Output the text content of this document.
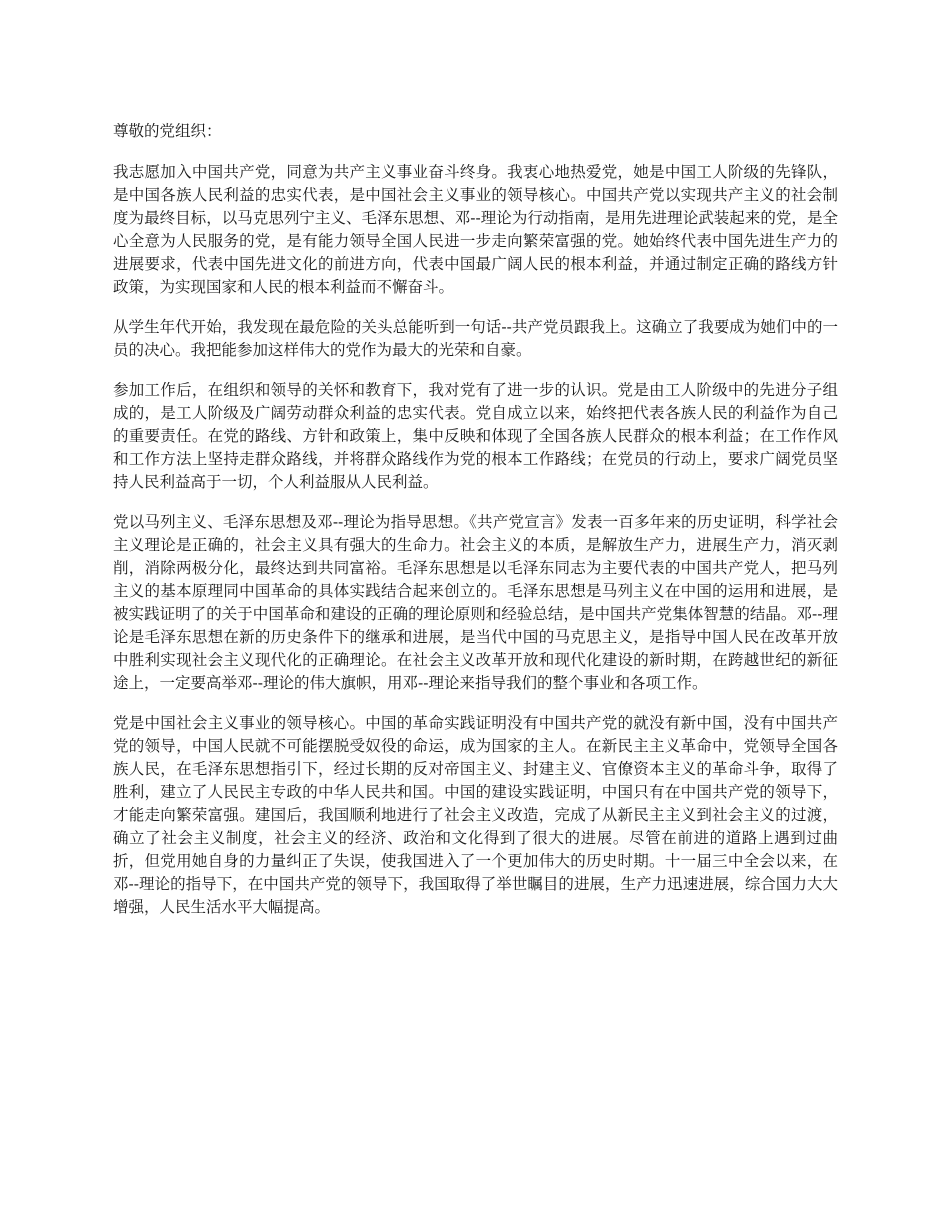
尊敬的党组织：

我志愿加入中国共产党，同意为共产主义事业奋斗终身。我衷心地热爱党，她是中国工人阶级的先锋队，是中国各族人民利益的忠实代表，是中国社会主义事业的领导核心。中国共产党以实现共产主义的社会制度为最终目标，以马克思列宁主义、毛泽东思想、邓--理论为行动指南，是用先进理论武装起来的党，是全心全意为人民服务的党，是有能力领导全国人民进一步走向繁荣富强的党。她始终代表中国先进生产力的进展要求，代表中国先进文化的前进方向，代表中国最广阔人民的根本利益，并通过制定正确的路线方针政策，为实现国家和人民的根本利益而不懈奋斗。

从学生年代开始，我发现在最危险的关头总能听到一句话--共产党员跟我上。这确立了我要成为她们中的一员的决心。我把能参加这样伟大的党作为最大的光荣和自豪。

参加工作后，在组织和领导的关怀和教育下，我对党有了进一步的认识。党是由工人阶级中的先进分子组成的，是工人阶级及广阔劳动群众利益的忠实代表。党自成立以来，始终把代表各族人民的利益作为自己的重要责任。在党的路线、方针和政策上，集中反映和体现了全国各族人民群众的根本利益；在工作作风和工作方法上坚持走群众路线，并将群众路线作为党的根本工作路线；在党员的行动上，要求广阔党员坚持人民利益高于一切，个人利益服从人民利益。

党以马列主义、毛泽东思想及邓--理论为指导思想。《共产党宣言》发表一百多年来的历史证明，科学社会主义理论是正确的，社会主义具有强大的生命力。社会主义的本质，是解放生产力，进展生产力，消灭剥削，消除两极分化，最终达到共同富裕。毛泽东思想是以毛泽东同志为主要代表的中国共产党人，把马列主义的基本原理同中国革命的具体实践结合起来创立的。毛泽东思想是马列主义在中国的运用和进展，是被实践证明了的关于中国革命和建设的正确的理论原则和经验总结，是中国共产党集体智慧的结晶。邓--理论是毛泽东思想在新的历史条件下的继承和进展，是当代中国的马克思主义，是指导中国人民在改革开放中胜利实现社会主义现代化的正确理论。在社会主义改革开放和现代化建设的新时期，在跨越世纪的新征途上，一定要高举邓--理论的伟大旗帜，用邓--理论来指导我们的整个事业和各项工作。

党是中国社会主义事业的领导核心。中国的革命实践证明没有中国共产党的就没有新中国，没有中国共产党的领导，中国人民就不可能摆脱受奴役的命运，成为国家的主人。在新民主主义革命中，党领导全国各族人民，在毛泽东思想指引下，经过长期的反对帝国主义、封建主义、官僚资本主义的革命斗争，取得了胜利，建立了人民民主专政的中华人民共和国。中国的建设实践证明，中国只有在中国共产党的领导下，才能走向繁荣富强。建国后，我国顺利地进行了社会主义改造，完成了从新民主主义到社会主义的过渡，确立了社会主义制度，社会主义的经济、政治和文化得到了很大的进展。尽管在前进的道路上遇到过曲折，但党用她自身的力量纠正了失误，使我国进入了一个更加伟大的历史时期。十一届三中全会以来，在邓--理论的指导下，在中国共产党的领导下，我国取得了举世瞩目的进展，生产力迅速进展，综合国力大大增强，人民生活水平大幅提高。
